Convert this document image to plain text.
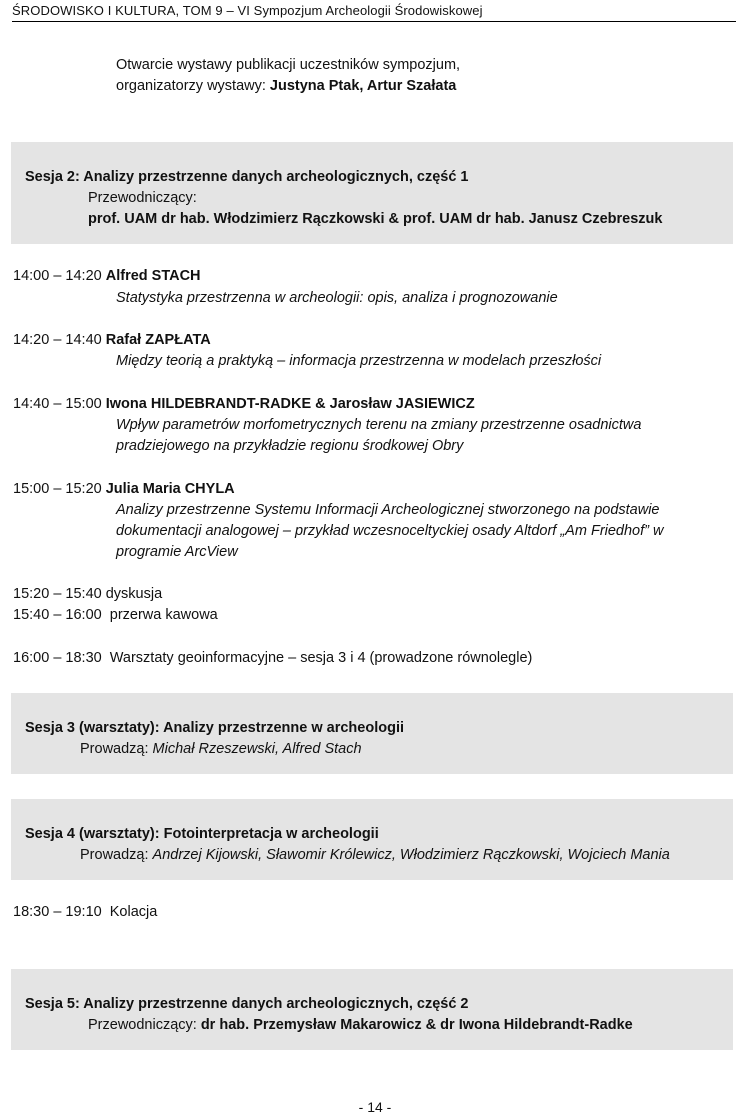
ŚRODOWISKO I KULTURA, TOM 9 – VI Sympozjum Archeologii Środowiskowej
Otwarcie wystawy publikacji uczestników sympozjum,
organizatorzy wystawy: Justyna Ptak, Artur Szałata
Sesja 2: Analizy przestrzenne danych archeologicznych, część 1
Przewodniczący:
prof. UAM dr hab. Włodzimierz Rączkowski & prof. UAM dr hab. Janusz Czebreszuk
14:00 – 14:20 Alfred STACH
Statystyka przestrzenna w archeologii: opis, analiza i prognozowanie
14:20 – 14:40 Rafał ZAPŁATA
Między teorią a praktyką – informacja przestrzenna w modelach przeszłości
14:40 – 15:00 Iwona HILDEBRANDT-RADKE & Jarosław JASIEWICZ
Wpływ parametrów morfometrycznych terenu na zmiany przestrzenne osadnictwa
pradziejowego na przykładzie regionu środkowej Obry
15:00 – 15:20 Julia Maria CHYLA
Analizy przestrzenne Systemu Informacji Archeologicznej stworzonego na podstawie
dokumentacji analogowej – przykład wczesnoceltyckiej osady Altdorf „Am Friedhof” w
programie ArcView
15:20 – 15:40 dyskusja
15:40 – 16:00 przerwa kawowa
16:00 – 18:30 Warsztaty geoinformacyjne – sesja 3 i 4 (prowadzone równolegle)
Sesja 3 (warsztaty): Analizy przestrzenne w archeologii
Prowadzą: Michał Rzeszewski, Alfred Stach
Sesja 4 (warsztaty): Fotointerpretacja w archeologii
Prowadzą: Andrzej Kijowski, Sławomir Królewicz, Włodzimierz Rączkowski, Wojciech Mania
18:30 – 19:10 Kolacja
Sesja 5: Analizy przestrzenne danych archeologicznych, część 2
Przewodniczący: dr hab. Przemysław Makarowicz & dr Iwona Hildebrandt-Radke
- 14 -
